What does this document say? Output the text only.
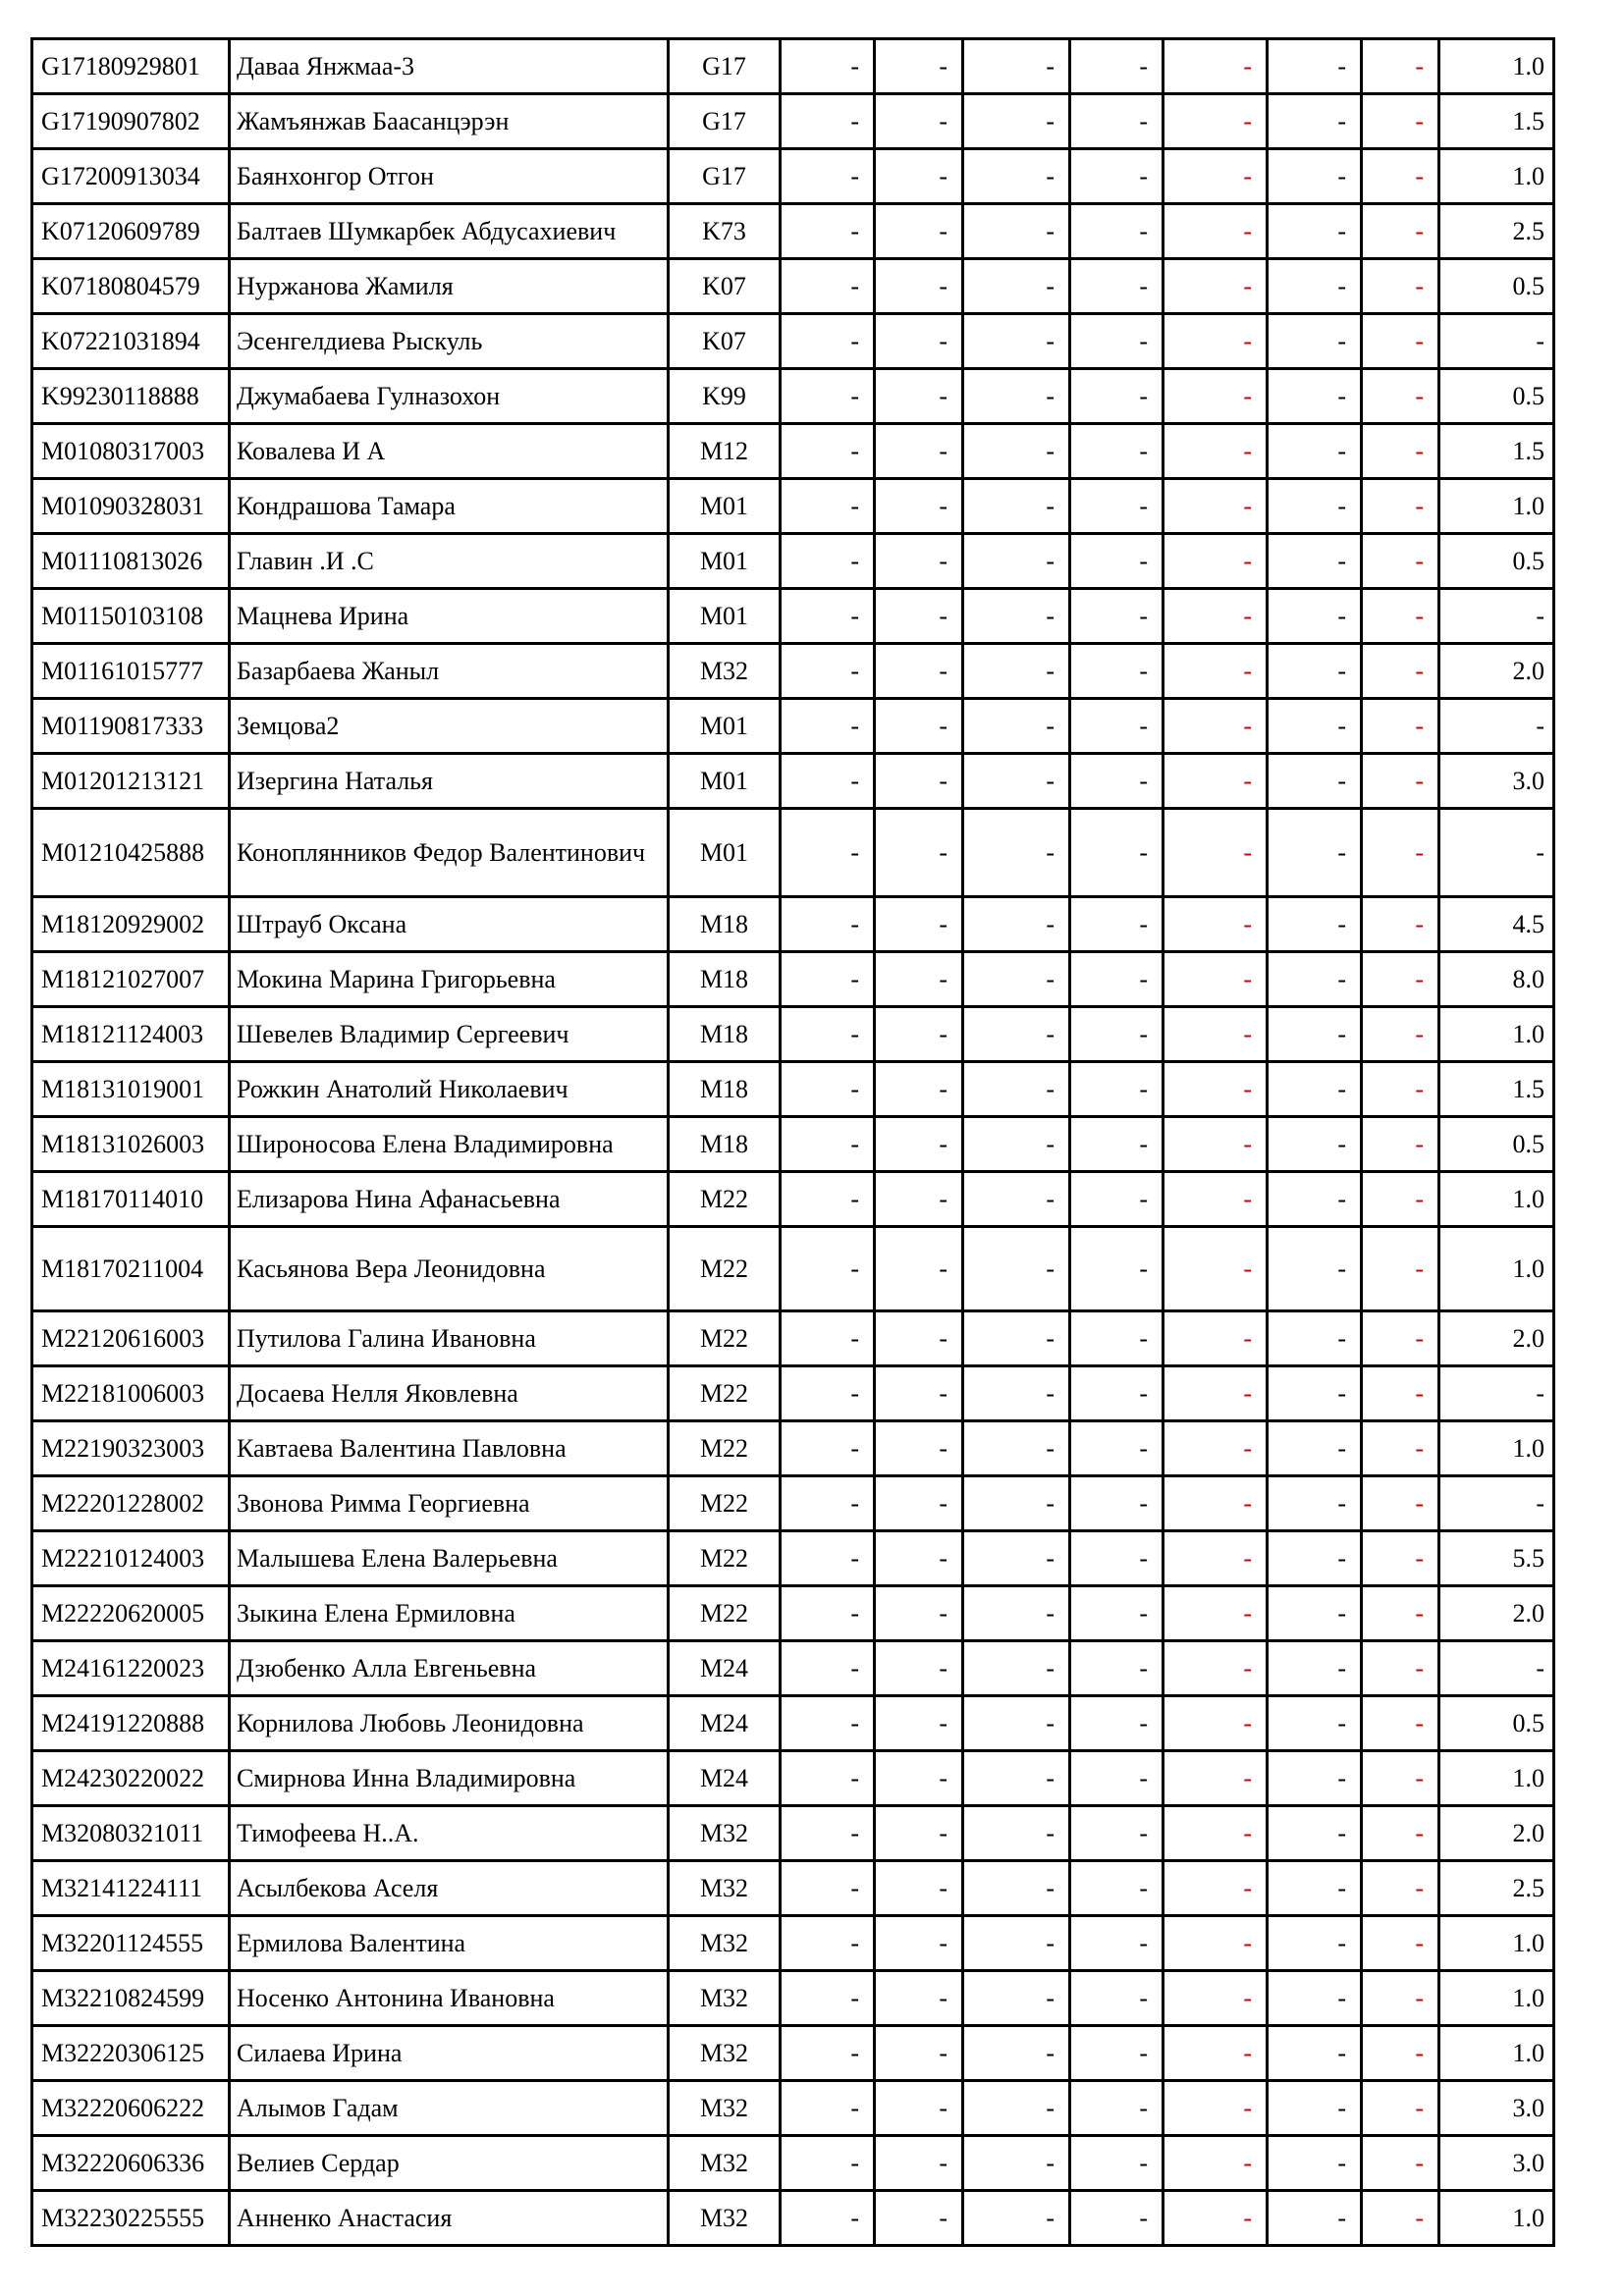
G17180929801	Даваа Янжмаа-3	G17	-	-	-	-	-	-	-	1.0
G17190907802	Жамъянжав Баасанцэрэн	G17	-	-	-	-	-	-	-	1.5
G17200913034	Баянхонгор Отгон	G17	-	-	-	-	-	-	-	1.0
K07120609789	Балтаев Шумкарбек Абдусахиевич	K73	-	-	-	-	-	-	-	2.5
K07180804579	Нуржанова Жамиля	K07	-	-	-	-	-	-	-	0.5
K07221031894	Эсенгелдиева Рыскуль	K07	-	-	-	-	-	-	-	-
K99230118888	Джумабаева Гулназохон	K99	-	-	-	-	-	-	-	0.5
M01080317003	Ковалева И А	M12	-	-	-	-	-	-	-	1.5
M01090328031	Кондрашова Тамара	M01	-	-	-	-	-	-	-	1.0
M01110813026	Главин .И .С	M01	-	-	-	-	-	-	-	0.5
M01150103108	Мацнева Ирина	M01	-	-	-	-	-	-	-	-
M01161015777	Базарбаева Жаныл	M32	-	-	-	-	-	-	-	2.0
M01190817333	Земцова2	M01	-	-	-	-	-	-	-	-
M01201213121	Изергина Наталья	M01	-	-	-	-	-	-	-	3.0
M01210425888	Коноплянников Федор Валентинович	M01	-	-	-	-	-	-	-	-
M18120929002	Штрауб Оксана	M18	-	-	-	-	-	-	-	4.5
M18121027007	Мокина Марина Григорьевна	M18	-	-	-	-	-	-	-	8.0
M18121124003	Шевелев Владимир Сергеевич	M18	-	-	-	-	-	-	-	1.0
M18131019001	Рожкин Анатолий Николаевич	M18	-	-	-	-	-	-	-	1.5
M18131026003	Широносова Елена Владимировна	M18	-	-	-	-	-	-	-	0.5
M18170114010	Елизарова Нина Афанасьевна	M22	-	-	-	-	-	-	-	1.0
M18170211004	Касьянова Вера Леонидовна	M22	-	-	-	-	-	-	-	1.0
M22120616003	Путилова Галина Ивановна	M22	-	-	-	-	-	-	-	2.0
M22181006003	Досаева Нелля Яковлевна	M22	-	-	-	-	-	-	-	-
M22190323003	Кавтаева Валентина Павловна	M22	-	-	-	-	-	-	-	1.0
M22201228002	Звонова Римма Георгиевна	M22	-	-	-	-	-	-	-	-
M22210124003	Малышева Елена Валерьевна	M22	-	-	-	-	-	-	-	5.5
M22220620005	Зыкина Елена Ермиловна	M22	-	-	-	-	-	-	-	2.0
M24161220023	Дзюбенко Алла Евгеньевна	M24	-	-	-	-	-	-	-	-
M24191220888	Корнилова Любовь Леонидовна	M24	-	-	-	-	-	-	-	0.5
M24230220022	Смирнова Инна Владимировна	M24	-	-	-	-	-	-	-	1.0
M32080321011	Тимофеева Н..А.	M32	-	-	-	-	-	-	-	2.0
M32141224111	Асылбекова Аселя	M32	-	-	-	-	-	-	-	2.5
M32201124555	Ермилова Валентина	M32	-	-	-	-	-	-	-	1.0
M32210824599	Носенко Антонина Ивановна	M32	-	-	-	-	-	-	-	1.0
M32220306125	Силаева Ирина	M32	-	-	-	-	-	-	-	1.0
M32220606222	Алымов Гадам	M32	-	-	-	-	-	-	-	3.0
M32220606336	Велиев Сердар	M32	-	-	-	-	-	-	-	3.0
M32230225555	Анненко Анастасия	M32	-	-	-	-	-	-	-	1.0
